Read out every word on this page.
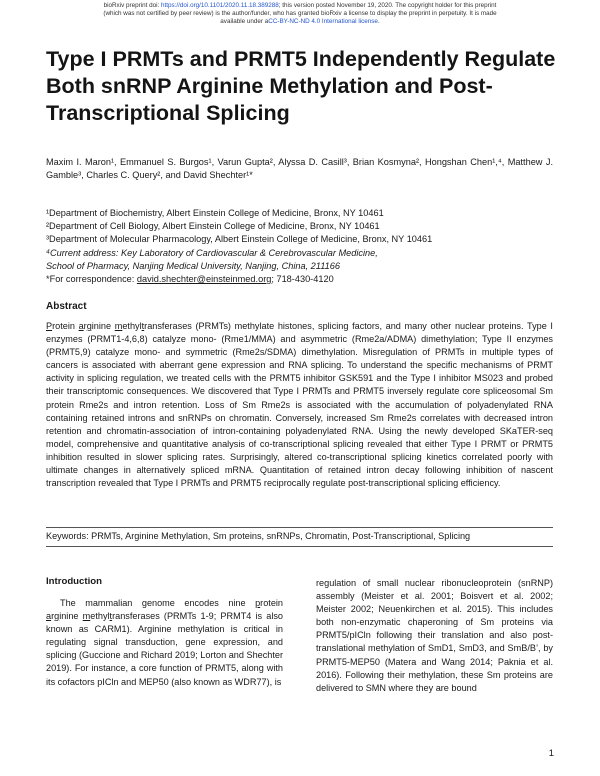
bioRxiv preprint doi: https://doi.org/10.1101/2020.11.18.389288; this version posted November 19, 2020. The copyright holder for this preprint
(which was not certified by peer review) is the author/funder, who has granted bioRxiv a license to display the preprint in perpetuity. It is made
available under aCC-BY-NC-ND 4.0 International license.
Type I PRMTs and PRMT5 Independently Regulate Both snRNP Arginine Methylation and Post-Transcriptional Splicing
Maxim I. Maron¹, Emmanuel S. Burgos¹, Varun Gupta², Alyssa D. Casill³, Brian Kosmyna², Hongshan Chen¹,⁴, Matthew J. Gamble³, Charles C. Query², and David Shechter¹*
¹Department of Biochemistry, Albert Einstein College of Medicine, Bronx, NY 10461
²Department of Cell Biology, Albert Einstein College of Medicine, Bronx, NY 10461
³Department of Molecular Pharmacology, Albert Einstein College of Medicine, Bronx, NY 10461
⁴Current address: Key Laboratory of Cardiovascular & Cerebrovascular Medicine,
School of Pharmacy, Nanjing Medical University, Nanjing, China, 211166
*For correspondence: david.shechter@einsteinmed.org; 718-430-4120
Abstract
Protein arginine methyltransferases (PRMTs) methylate histones, splicing factors, and many other nuclear proteins. Type I enzymes (PRMT1-4,6,8) catalyze mono- (Rme1/MMA) and asymmetric (Rme2a/ADMA) dimethylation; Type II enzymes (PRMT5,9) catalyze mono- and symmetric (Rme2s/SDMA) dimethylation. Misregulation of PRMTs in multiple types of cancers is associated with aberrant gene expression and RNA splicing. To understand the specific mechanisms of PRMT activity in splicing regulation, we treated cells with the PRMT5 inhibitor GSK591 and the Type I inhibitor MS023 and probed their transcriptomic consequences. We discovered that Type I PRMTs and PRMT5 inversely regulate core spliceosomal Sm protein Rme2s and intron retention. Loss of Sm Rme2s is associated with the accumulation of polyadenylated RNA containing retained introns and snRNPs on chromatin. Conversely, increased Sm Rme2s correlates with decreased intron retention and chromatin-association of intron-containing polyadenylated RNA. Using the newly developed SKaTER-seq model, comprehensive and quantitative analysis of co-transcriptional splicing revealed that either Type I PRMT or PRMT5 inhibition resulted in slower splicing rates. Surprisingly, altered co-transcriptional splicing kinetics correlated poorly with ultimate changes in alternatively spliced mRNA. Quantitation of retained intron decay following inhibition of nascent transcription revealed that Type I PRMTs and PRMT5 reciprocally regulate post-transcriptional splicing efficiency.
Keywords: PRMTs, Arginine Methylation, Sm proteins, snRNPs, Chromatin, Post-Transcriptional, Splicing
Introduction

The mammalian genome encodes nine protein arginine methyltransferases (PRMTs 1-9; PRMT4 is also known as CARM1). Arginine methylation is critical in regulating signal transduction, gene expression, and splicing (Guccione and Richard 2019; Lorton and Shechter 2019). For instance, a core function of PRMT5, along with its cofactors pICln and MEP50 (also known as WDR77), is

regulation of small nuclear ribonucleoprotein (snRNP) assembly (Meister et al. 2001; Boisvert et al. 2002; Meister 2002; Neuenkirchen et al. 2015). This includes both non-enzymatic chaperoning of Sm proteins via PRMT5/pICln following their translation and also post-translational methylation of SmD1, SmD3, and SmB/B’, by PRMT5-MEP50 (Matera and Wang 2014; Paknia et al. 2016). Following their methylation, these Sm proteins are delivered to SMN where they are bound
1
